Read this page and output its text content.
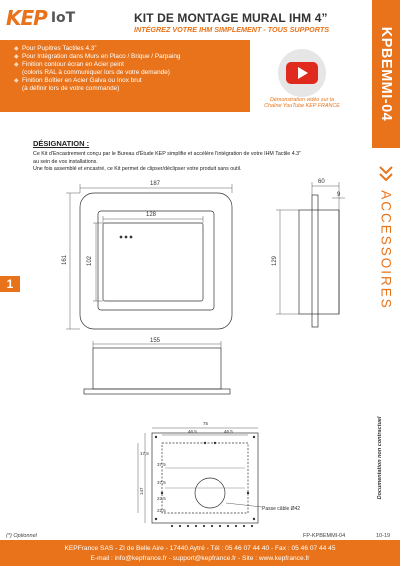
KEP IoT	KIT DE MONTAGE MURAL IHM 4”
INTÉGREZ VOTRE IHM SIMPLEMENT - TOUS SUPPORTS	KPBEMMI-04
ACCESSOIRES
Documentation non contractuel
◆ Pour Pupitres Tactiles 4.3”
◆ Pour Intégration dans Murs en Placo / Brique / Parpaing
◆ Finition contour écran en Acier peint
(coloris RAL à communiquer lors de votre demande)
◆ Finition Boîtier en Acier Galva ou Inox brut
(à définir lors de votre commande)
Démonstration vidéo sur la
Chaîne YouTube KEP FRANCE
DÉSIGNATION :
Ce Kit d'Encastrement conçu par le Bureau d'Étude KEP simplifie et accélère l'intégration de votre IHM Tactile 4.3”
au sein de vos installations.
Une fois assemblé et encastré, ce Kit permet de clipser/déclipser votre produit sans outil.
1
187
128
161	102
60
9
129
155
75
46,5	46,5
17,5
37,5
37,5
147
22,5
22,5	Passe câble Ø42
(*) Optionnel	FP-KPBEMMI-04	10-19
KEPFrance SAS - ZI de Belle Aire - 17440 Aytré - Tél : 05 46 07 44 40 - Fax : 05 46 07 44 45
E-mail : info@kepfrance.fr - support@kepfrance.fr - Site : www.kepfrance.fr
